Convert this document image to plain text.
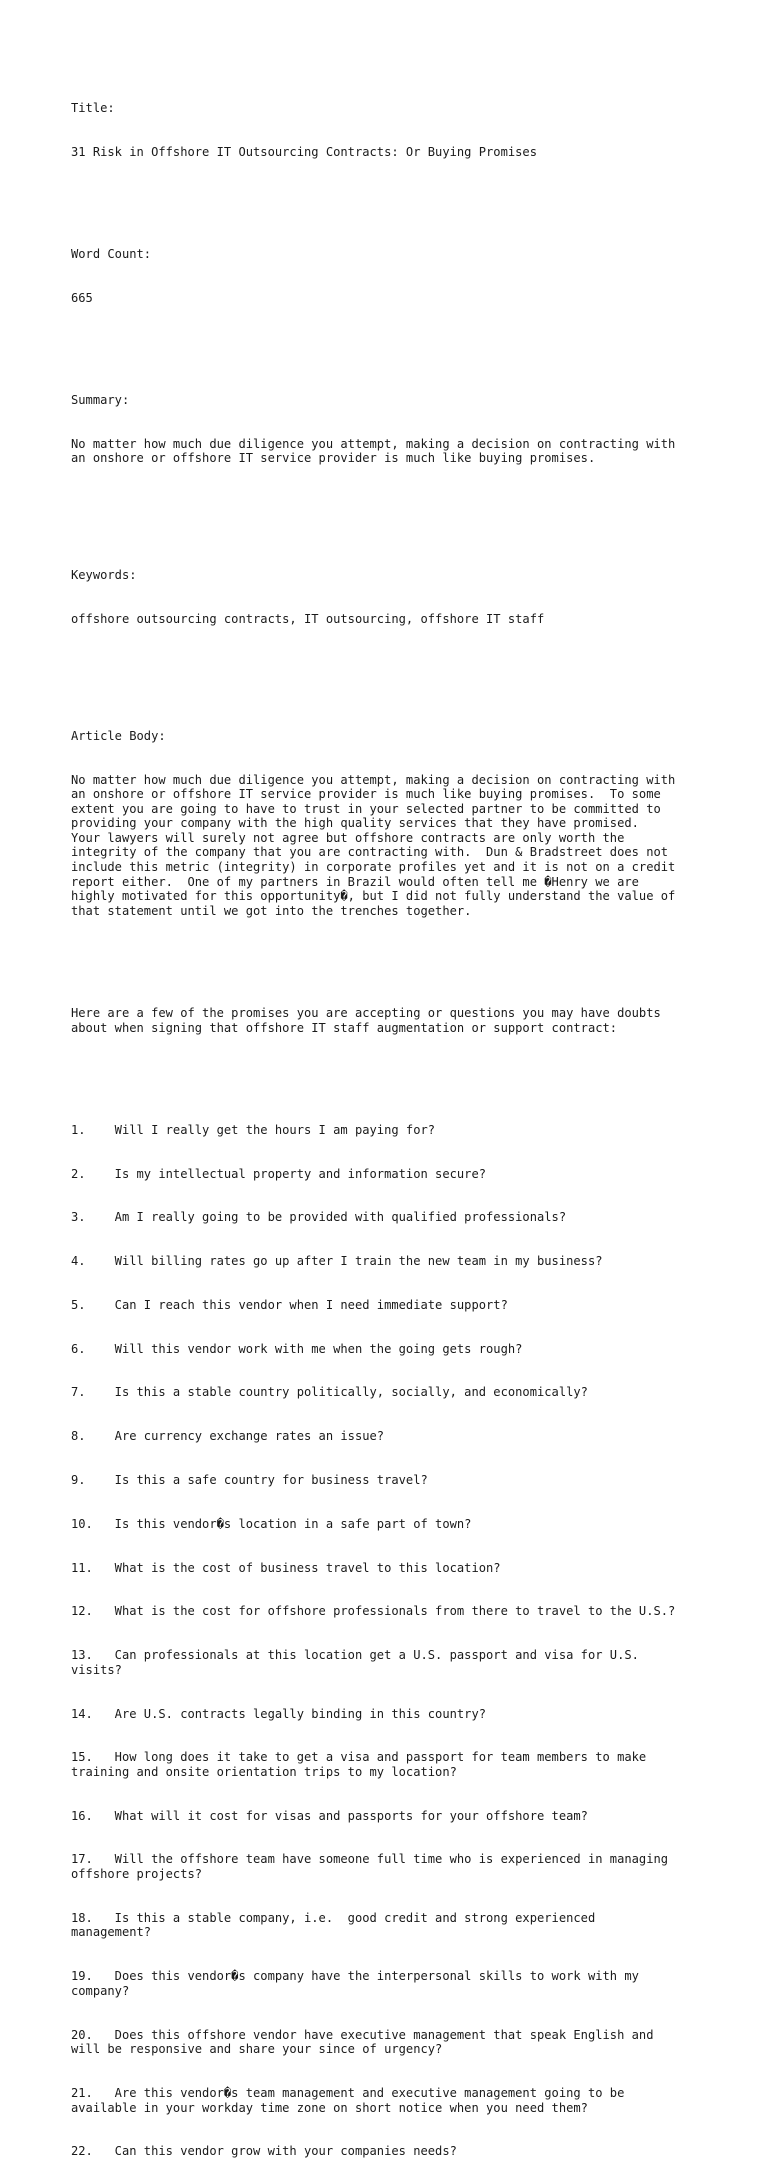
Title:

31 Risk in Offshore IT Outsourcing Contracts: Or Buying Promises

Word Count:

665

Summary:

No matter how much due diligence you attempt, making a decision on contracting with
an onshore or offshore IT service provider is much like buying promises.

Keywords:

offshore outsourcing contracts, IT outsourcing, offshore IT staff

Article Body:

No matter how much due diligence you attempt, making a decision on contracting with
an onshore or offshore IT service provider is much like buying promises.  To some
extent you are going to have to trust in your selected partner to be committed to
providing your company with the high quality services that they have promised.
Your lawyers will surely not agree but offshore contracts are only worth the
integrity of the company that you are contracting with.  Dun & Bradstreet does not
include this metric (integrity) in corporate profiles yet and it is not on a credit
report either.  One of my partners in Brazil would often tell me �Henry we are
highly motivated for this opportunity�, but I did not fully understand the value of
that statement until we got into the trenches together.

Here are a few of the promises you are accepting or questions you may have doubts
about when signing that offshore IT staff augmentation or support contract:

1.    Will I really get the hours I am paying for?

2.    Is my intellectual property and information secure?

3.    Am I really going to be provided with qualified professionals?

4.    Will billing rates go up after I train the new team in my business?

5.    Can I reach this vendor when I need immediate support?

6.    Will this vendor work with me when the going gets rough?

7.    Is this a stable country politically, socially, and economically?

8.    Are currency exchange rates an issue?

9.    Is this a safe country for business travel?

10.   Is this vendor�s location in a safe part of town?

11.   What is the cost of business travel to this location?

12.   What is the cost for offshore professionals from there to travel to the U.S.?

13.   Can professionals at this location get a U.S. passport and visa for U.S.
visits?

14.   Are U.S. contracts legally binding in this country?

15.   How long does it take to get a visa and passport for team members to make
training and onsite orientation trips to my location?

16.   What will it cost for visas and passports for your offshore team?

17.   Will the offshore team have someone full time who is experienced in managing
offshore projects?

18.   Is this a stable company, i.e.  good credit and strong experienced
management?

19.   Does this vendor�s company have the interpersonal skills to work with my
company?

20.   Does this offshore vendor have executive management that speak English and
will be responsive and share your since of urgency?

21.   Are this vendor�s team management and executive management going to be
available in your workday time zone on short notice when you need them?

22.   Can this vendor grow with your companies needs?
